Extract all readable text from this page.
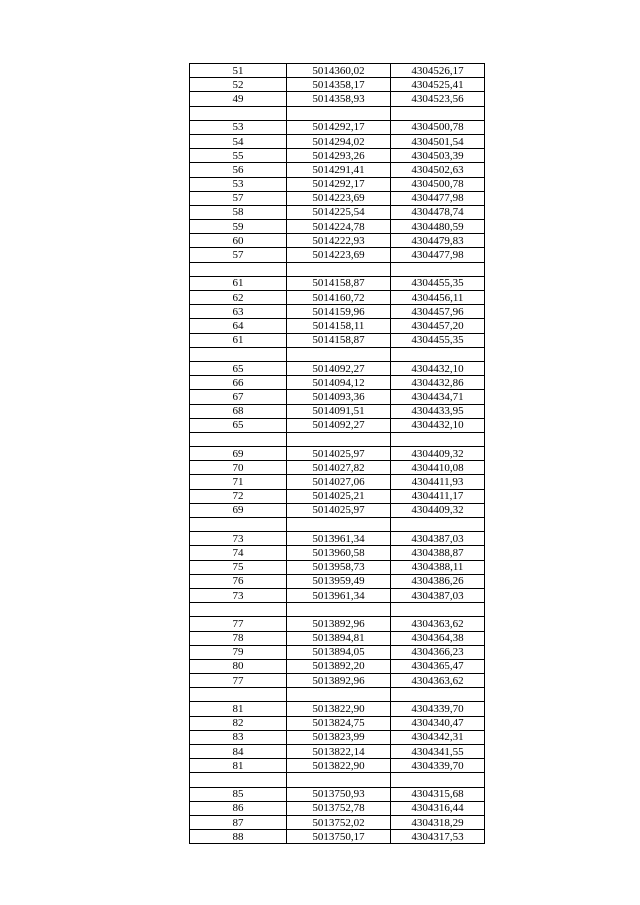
51	5014360,02	4304526,17
52	5014358,17	4304525,41
49	5014358,93	4304523,56

53	5014292,17	4304500,78
54	5014294,02	4304501,54
55	5014293,26	4304503,39
56	5014291,41	4304502,63
53	5014292,17	4304500,78
57	5014223,69	4304477,98
58	5014225,54	4304478,74
59	5014224,78	4304480,59
60	5014222,93	4304479,83
57	5014223,69	4304477,98

61	5014158,87	4304455,35
62	5014160,72	4304456,11
63	5014159,96	4304457,96
64	5014158,11	4304457,20
61	5014158,87	4304455,35

65	5014092,27	4304432,10
66	5014094,12	4304432,86
67	5014093,36	4304434,71
68	5014091,51	4304433,95
65	5014092,27	4304432,10

69	5014025,97	4304409,32
70	5014027,82	4304410,08
71	5014027,06	4304411,93
72	5014025,21	4304411,17
69	5014025,97	4304409,32

73	5013961,34	4304387,03
74	5013960,58	4304388,87
75	5013958,73	4304388,11
76	5013959,49	4304386,26
73	5013961,34	4304387,03

77	5013892,96	4304363,62
78	5013894,81	4304364,38
79	5013894,05	4304366,23
80	5013892,20	4304365,47
77	5013892,96	4304363,62

81	5013822,90	4304339,70
82	5013824,75	4304340,47
83	5013823,99	4304342,31
84	5013822,14	4304341,55
81	5013822,90	4304339,70

85	5013750,93	4304315,68
86	5013752,78	4304316,44
87	5013752,02	4304318,29
88	5013750,17	4304317,53
